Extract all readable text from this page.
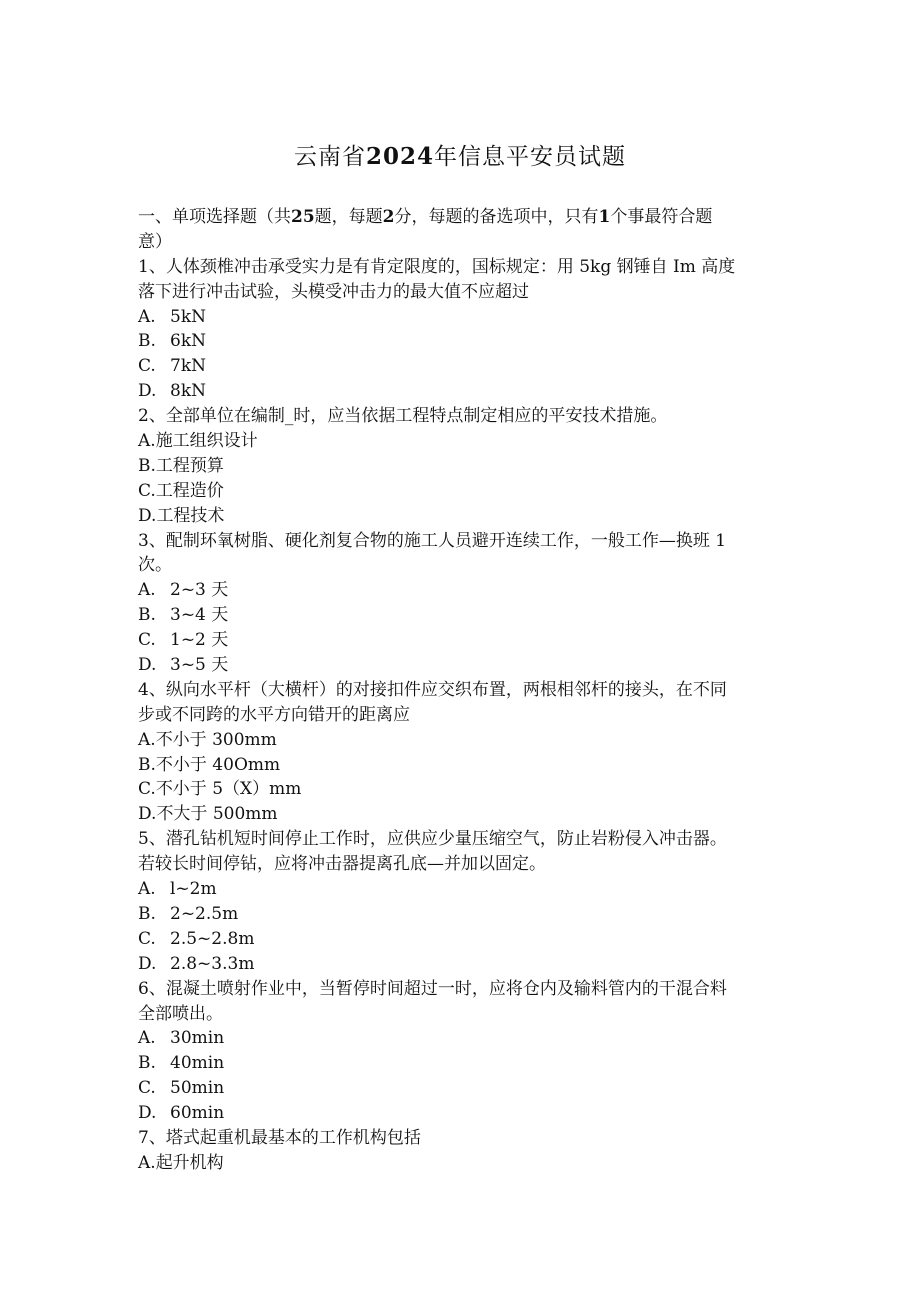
云南省2024年信息平安员试题
一、单项选择题（共25题，每题2分，每题的备选项中，只有1个事最符合题
意）
1、人体颈椎冲击承受实力是有肯定限度的，国标规定：用 5kg 钢锤自 Im 高度
落下进行冲击试验，头模受冲击力的最大值不应超过
A. 5kN
B. 6kN
C. 7kN
D. 8kN
2、全部单位在编制_时，应当依据工程特点制定相应的平安技术措施。
A.施工组织设计
B.工程预算
C.工程造价
D.工程技术
3、配制环氧树脂、硬化剂复合物的施工人员避开连续工作，一般工作—换班 1
次。
A. 2~3 天
B. 3~4 天
C. 1~2 天
D. 3~5 天
4、纵向水平杆（大横杆）的对接扣件应交织布置，两根相邻杆的接头，在不同
步或不同跨的水平方向错开的距离应
A.不小于 300mm
B.不小于 40Omm
C.不小于 5（X）mm
D.不大于 500mm
5、潜孔钻机短时间停止工作时，应供应少量压缩空气，防止岩粉侵入冲击器。
若较长时间停钻，应将冲击器提离孔底—并加以固定。
A. l~2m
B. 2~2.5m
C. 2.5~2.8m
D. 2.8~3.3m
6、混凝土喷射作业中，当暂停时间超过一时，应将仓内及输料管内的干混合料
全部喷出。
A. 30min
B. 40min
C. 50min
D. 60min
7、塔式起重机最基本的工作机构包括
A.起升机构
